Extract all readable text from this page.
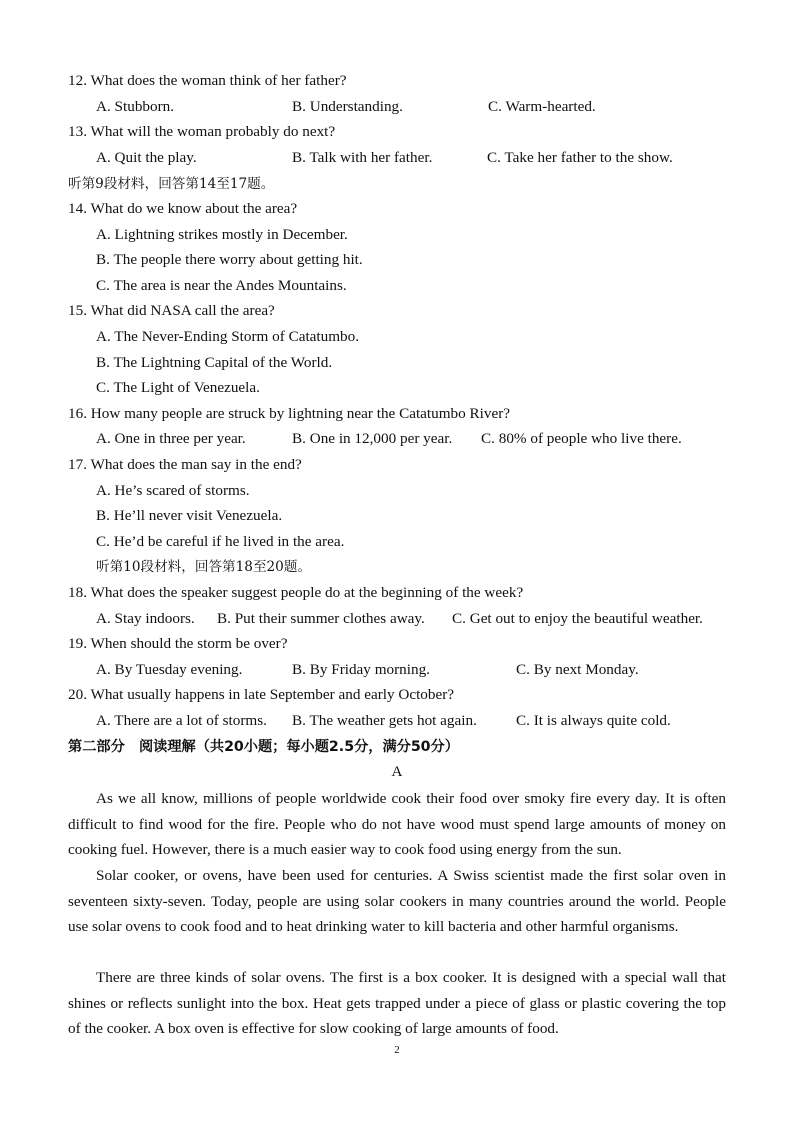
12. What does the woman think of her father?
A. Stubborn.	B. Understanding.	C. Warm-hearted.
13. What will the woman probably do next?
A. Quit the play.	B. Talk with her father.	C. Take her father to the show.
听第9段材料，回答第14至17题。
14. What do we know about the area?
A. Lightning strikes mostly in December.
B. The people there worry about getting hit.
C. The area is near the Andes Mountains.
15. What did NASA call the area?
A. The Never-Ending Storm of Catatumbo.
B. The Lightning Capital of the World.
C. The Light of Venezuela.
16. How many people are struck by lightning near the Catatumbo River?
A. One in three per year.	B. One in 12,000 per year. C. 80% of people who live there.
17. What does the man say in the end?
A. He’s scared of storms.
B. He’ll never visit Venezuela.
C. He’d be careful if he lived in the area.
听第10段材料，回答第18至20题。
18. What does the speaker suggest people do at the beginning of the week?
A. Stay indoors. B. Put their summer clothes away. C. Get out to enjoy the beautiful weather.
19. When should the storm be over?
A. By Tuesday evening.	B. By Friday morning.	C. By next Monday.
20. What usually happens in late September and early October?
A. There are a lot of storms. B. The weather gets hot again.	C. It is always quite cold.
第二部分　阅读理解（共20小题；每小题2.5分，满分50分）
A

As we all know, millions of people worldwide cook their food over smoky fire every day. It is often difficult to find wood for the fire. People who do not have wood must spend large amounts of money on cooking fuel. However, there is a much easier way to cook food using energy from the sun.

Solar cooker, or ovens, have been used for centuries. A Swiss scientist made the first solar oven in seventeen sixty-seven. Today, people are using solar cookers in many countries around the world. People use solar ovens to cook food and to heat drinking water to kill bacteria and other harmful organisms.

There are three kinds of solar ovens. The first is a box cooker. It is designed with a special wall that shines or reflects sunlight into the box. Heat gets trapped under a piece of glass or plastic covering the top of the cooker. A box oven is effective for slow cooking of large amounts of food.

2
